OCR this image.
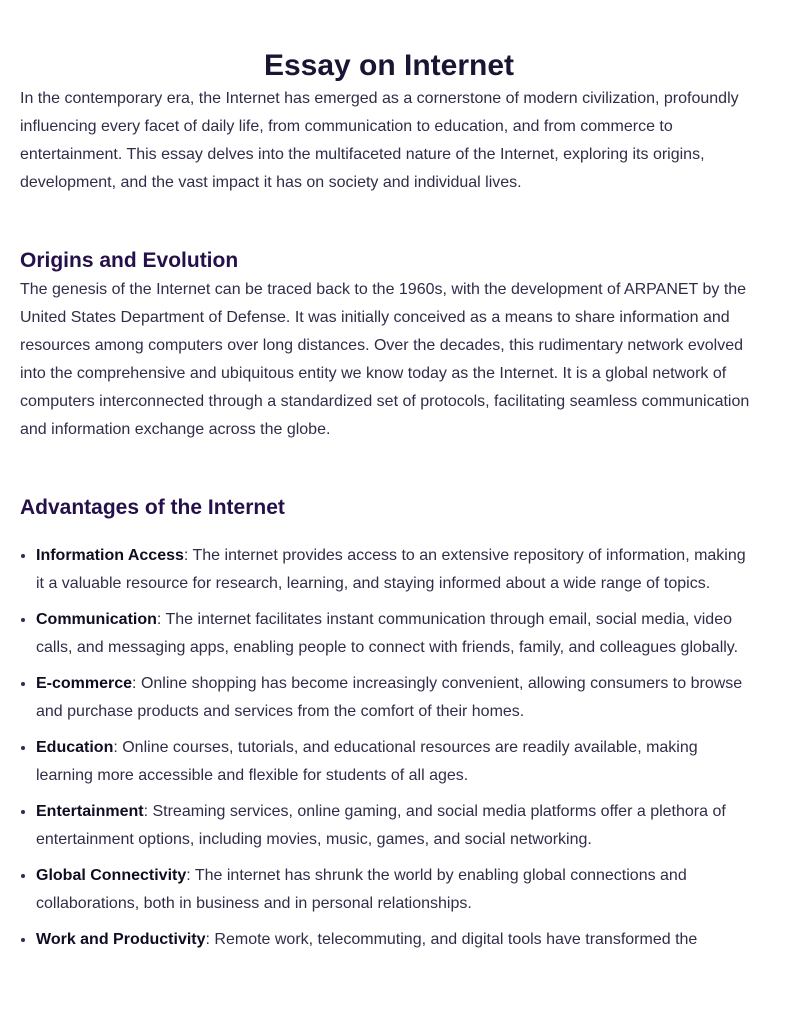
Essay on Internet

In the contemporary era, the Internet has emerged as a cornerstone of modern civilization, profoundly influencing every facet of daily life, from communication to education, and from commerce to entertainment. This essay delves into the multifaceted nature of the Internet, exploring its origins, development, and the vast impact it has on society and individual lives.

Origins and Evolution

The genesis of the Internet can be traced back to the 1960s, with the development of ARPANET by the United States Department of Defense. It was initially conceived as a means to share information and resources among computers over long distances. Over the decades, this rudimentary network evolved into the comprehensive and ubiquitous entity we know today as the Internet. It is a global network of computers interconnected through a standardized set of protocols, facilitating seamless communication and information exchange across the globe.

Advantages of the Internet
• Information Access: The internet provides access to an extensive repository of information, making it a valuable resource for research, learning, and staying informed about a wide range of topics.
• Communication: The internet facilitates instant communication through email, social media, video calls, and messaging apps, enabling people to connect with friends, family, and colleagues globally.
• E-commerce: Online shopping has become increasingly convenient, allowing consumers to browse and purchase products and services from the comfort of their homes.
• Education: Online courses, tutorials, and educational resources are readily available, making learning more accessible and flexible for students of all ages.
• Entertainment: Streaming services, online gaming, and social media platforms offer a plethora of entertainment options, including movies, music, games, and social networking.
• Global Connectivity: The internet has shrunk the world by enabling global connections and collaborations, both in business and in personal relationships.
• Work and Productivity: Remote work, telecommuting, and digital tools have transformed the
